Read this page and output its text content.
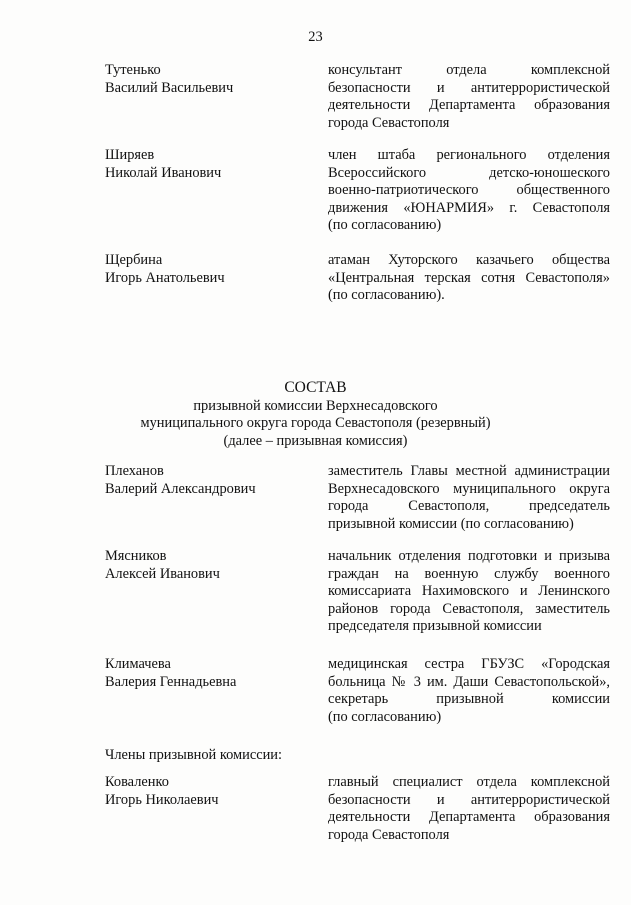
23
Тутенько
Василий Васильевич
консультант отдела комплексной
безопасности и антитеррористической
деятельности Департамента образования
города Севастополя
Ширяев
Николай Иванович
член штаба регионального отделения
Всероссийского детско-юношеского
военно-патриотического общественного
движения «ЮНАРМИЯ» г. Севастополя
(по согласованию)
Щербина
Игорь Анатольевич
атаман Хуторского казачьего общества
«Центральная терская сотня Севастополя»
(по согласованию).
СОСТАВ
призывной комиссии Верхнесадовского
муниципального округа города Севастополя (резервный)
(далее – призывная комиссия)
Плеханов
Валерий Александрович
заместитель Главы местной администрации
Верхнесадовского муниципального округа
города Севастополя, председатель
призывной комиссии (по согласованию)
Мясников
Алексей Иванович
начальник отделения подготовки и призыва
граждан на военную службу военного
комиссариата Нахимовского и Ленинского
районов города Севастополя, заместитель
председателя призывной комиссии
Климачева
Валерия Геннадьевна
медицинская сестра ГБУЗС «Городская
больница № 3 им. Даши Севастопольской»,
секретарь призывной комиссии
(по согласованию)
Члены призывной комиссии:
Коваленко
Игорь Николаевич
главный специалист отдела комплексной
безопасности и антитеррористической
деятельности Департамента образования
города Севастополя
